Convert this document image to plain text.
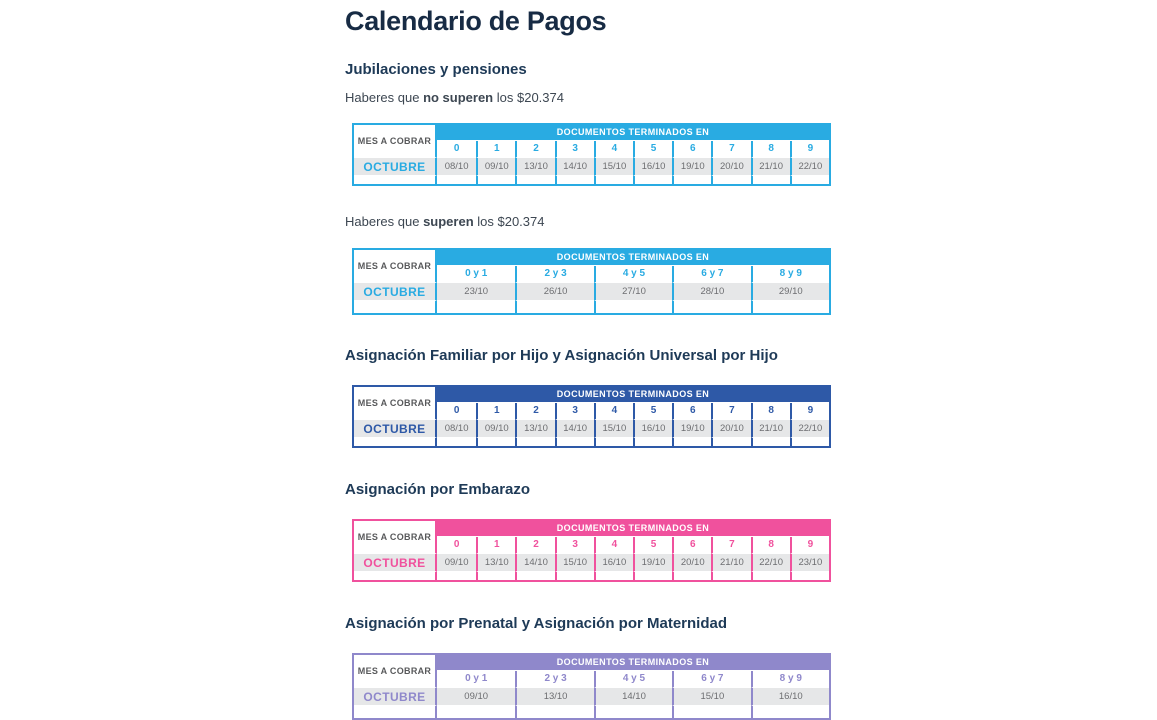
Calendario de Pagos
Jubilaciones y pensiones

Haberes que no superen los $20.374

MES A COBRAR	DOCUMENTOS TERMINADOS EN									
	0	1	2	3	4	5	6	7	8	9
OCTUBRE	08/10	09/10	13/10	14/10	15/10	16/10	19/10	20/10	21/10	22/10

Haberes que superen los $20.374

MES A COBRAR	DOCUMENTOS TERMINADOS EN				
	0 y 1	2 y 3	4 y 5	6 y 7	8 y 9
OCTUBRE	23/10	26/10	27/10	28/10	29/10

Asignación Familiar por Hijo y Asignación Universal por Hijo
MES A COBRAR	DOCUMENTOS TERMINADOS EN									
	0	1	2	3	4	5	6	7	8	9
OCTUBRE	08/10	09/10	13/10	14/10	15/10	16/10	19/10	20/10	21/10	22/10

Asignación por Embarazo
MES A COBRAR	DOCUMENTOS TERMINADOS EN									
	0	1	2	3	4	5	6	7	8	9
OCTUBRE	09/10	13/10	14/10	15/10	16/10	19/10	20/10	21/10	22/10	23/10

Asignación por Prenatal y Asignación por Maternidad
MES A COBRAR	DOCUMENTOS TERMINADOS EN				
	0 y 1	2 y 3	4 y 5	6 y 7	8 y 9
OCTUBRE	09/10	13/10	14/10	15/10	16/10
